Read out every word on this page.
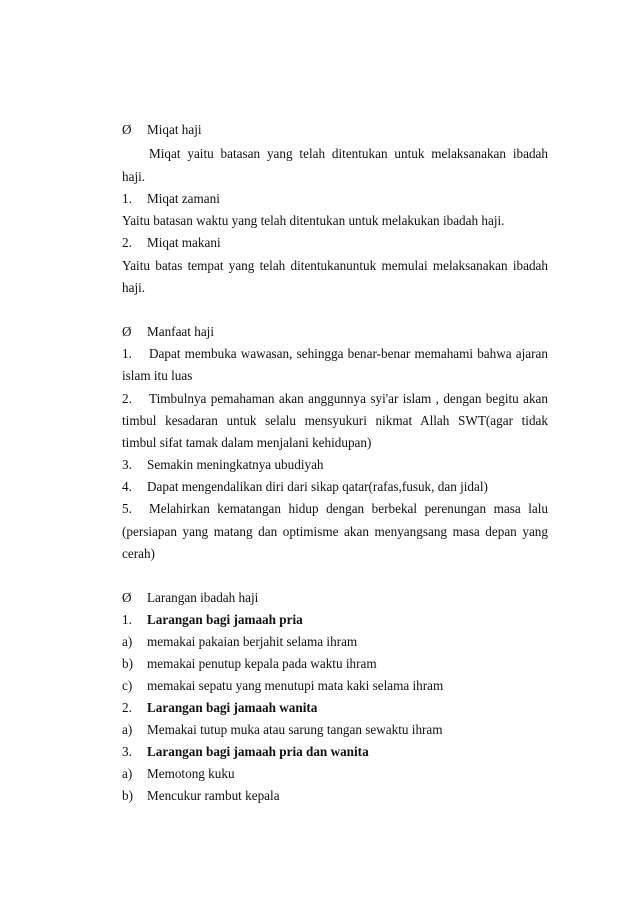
Ø Miqat haji
Miqat yaitu batasan yang telah ditentukan untuk melaksanakan ibadah
haji.
1. Miqat zamani
Yaitu batasan waktu yang telah ditentukan untuk melakukan ibadah haji.
2. Miqat makani
Yaitu batas tempat yang telah ditentukanuntuk memulai melaksanakan ibadah
haji.
Ø Manfaat haji
1. Dapat membuka wawasan, sehingga benar-benar memahami bahwa ajaran
islam itu luas
2. Timbulnya pemahaman akan anggunnya syi'ar islam , dengan begitu akan
timbul kesadaran untuk selalu mensyukuri nikmat Allah SWT(agar tidak
timbul sifat tamak dalam menjalani kehidupan)
3. Semakin meningkatnya ubudiyah
4. Dapat mengendalikan diri dari sikap qatar(rafas,fusuk, dan jidal)
5. Melahirkan kematangan hidup dengan berbekal perenungan masa lalu
(persiapan yang matang dan optimisme akan menyangsang masa depan yang
cerah)
Ø Larangan ibadah haji
1. Larangan bagi jamaah pria
a) memakai pakaian berjahit selama ihram
b) memakai penutup kepala pada waktu ihram
c) memakai sepatu yang menutupi mata kaki selama ihram
2. Larangan bagi jamaah wanita
a) Memakai tutup muka atau sarung tangan sewaktu ihram
3. Larangan bagi jamaah pria dan wanita
a) Memotong kuku
b) Mencukur rambut kepala
